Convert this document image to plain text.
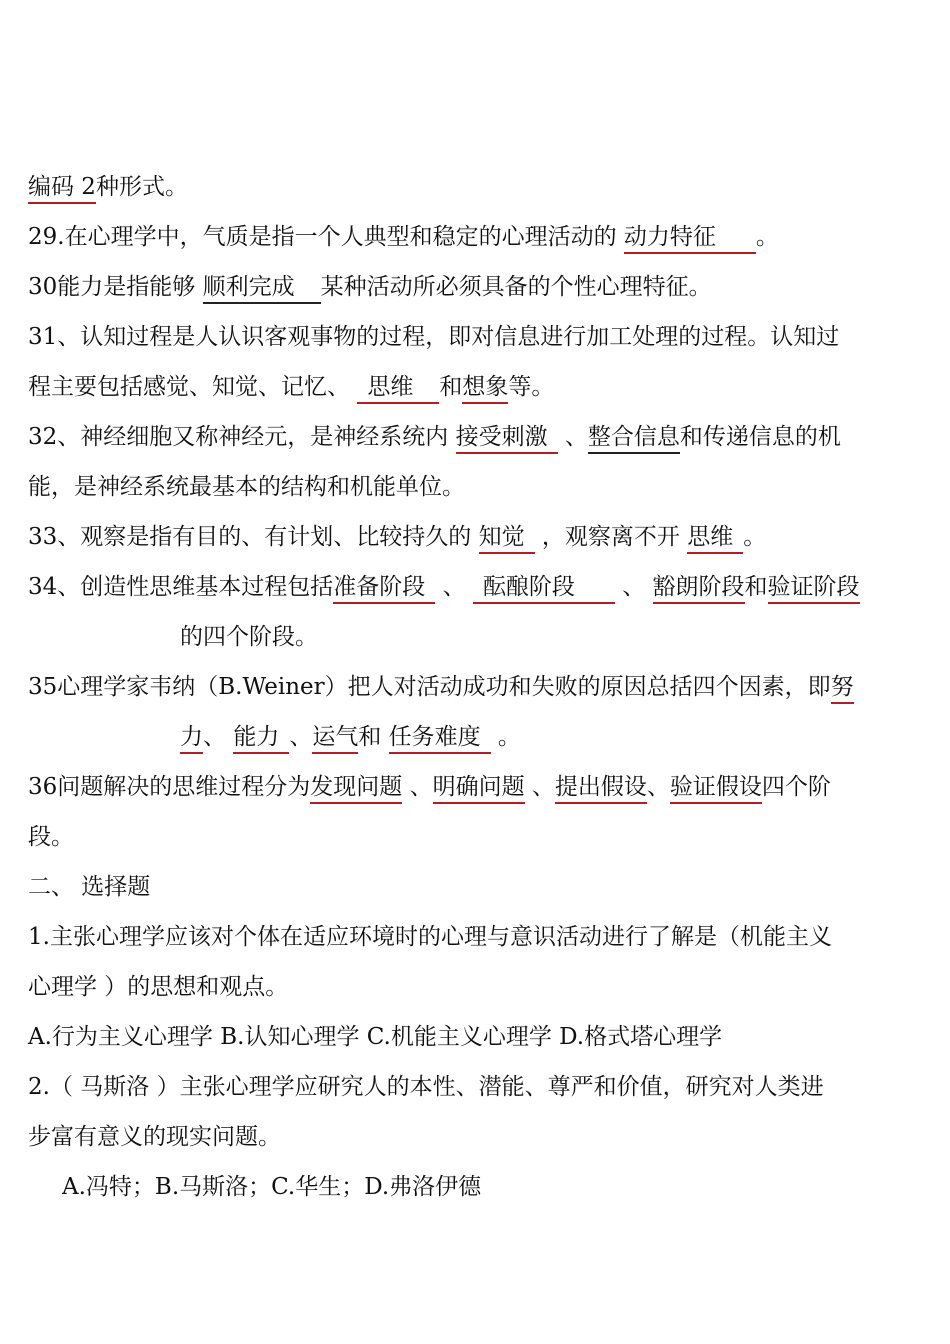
编码 2种形式。
29.在心理学中，气质是指一个人典型和稳定的心理活动的 动力特征 。
30能力是指能够 顺利完成 某种活动所必须具备的个性心理特征。
31、认知过程是人认识客观事物的过程，即对信息进行加工处理的过程。认知过
程主要包括感觉、知觉、记忆、 思维 和想象等。
32、神经细胞又称神经元，是神经系统内 接受刺激 、整合信息和传递信息的机
能，是神经系统最基本的结构和机能单位。
33、观察是指有目的、有计划、比较持久的 知觉 ，观察离不开 思维 。
34、创造性思维基本过程包括准备阶段 、 酝酿阶段 、 豁朗阶段和验证阶段
的四个阶段。
35心理学家韦纳（B.Weiner）把人对活动成功和失败的原因总括四个因素，即努
力、 能力 、运气和 任务难度 。
36问题解决的思维过程分为发现问题 、明确问题 、提出假设、验证假设四个阶
段。
二、 选择题
1.主张心理学应该对个体在适应环境时的心理与意识活动进行了解是（机能主义
心理学 ）的思想和观点。
A.行为主义心理学 B.认知心理学 C.机能主义心理学 D.格式塔心理学
2.（ 马斯洛 ）主张心理学应研究人的本性、潜能、尊严和价值，研究对人类进
步富有意义的现实问题。
A.冯特；B.马斯洛；C.华生；D.弗洛伊德
